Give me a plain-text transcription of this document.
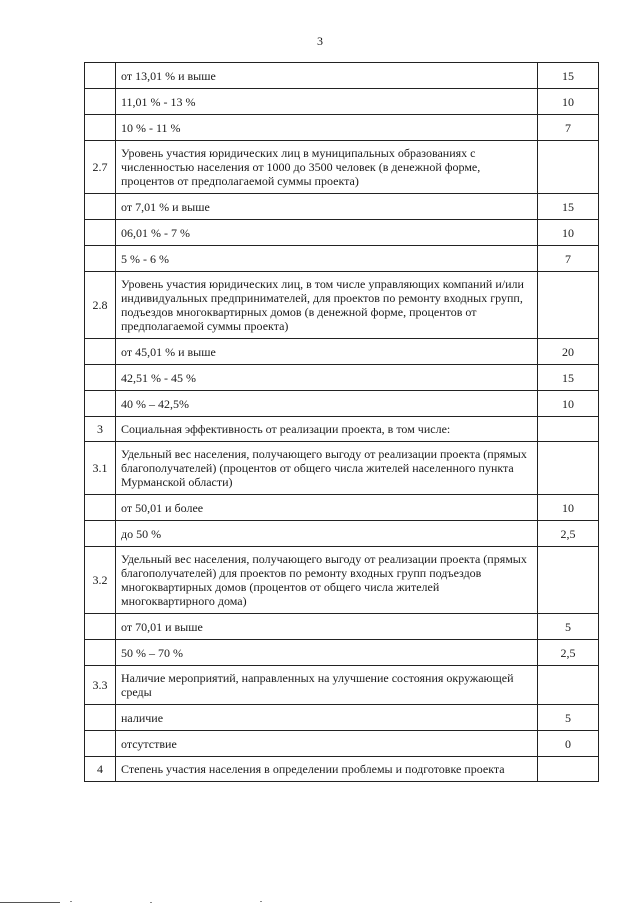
3
	от 13,01 % и выше	15
	11,01 % - 13 %	10
	10 % - 11 %	7
2.7	Уровень участия юридических лиц в муниципальных образованиях с численностью населения от 1000 до 3500 человек (в денежной форме, процентов от предполагаемой суммы проекта)	
	от 7,01 % и выше	15
	06,01 % - 7 %	10
	5 % - 6 %	7
2.8	Уровень участия юридических лиц, в том числе управляющих компаний и/или индивидуальных предпринимателей, для проектов по ремонту входных групп, подъездов многоквартирных домов (в денежной форме, процентов от предполагаемой суммы проекта)	
	от 45,01 % и выше	20
	42,51 % - 45 %	15
	40 % – 42,5%	10
3	Социальная эффективность от реализации проекта, в том числе:	
3.1	Удельный вес населения, получающего выгоду от реализации проекта (прямых благополучателей) (процентов от общего числа жителей населенного пункта Мурманской области)	
	от 50,01 и более	10
	до 50 %	2,5
3.2	Удельный вес населения, получающего выгоду от реализации проекта (прямых благополучателей) для проектов по ремонту входных групп подъездов многоквартирных домов (процентов от общего числа жителей многоквартирного дома)	
	от 70,01 и выше	5
	50 % – 70 %	2,5
3.3	Наличие мероприятий, направленных на улучшение состояния окружающей среды	
	наличие	5
	отсутствие	0
4	Степень участия населения в определении проблемы и подготовке проекта	
